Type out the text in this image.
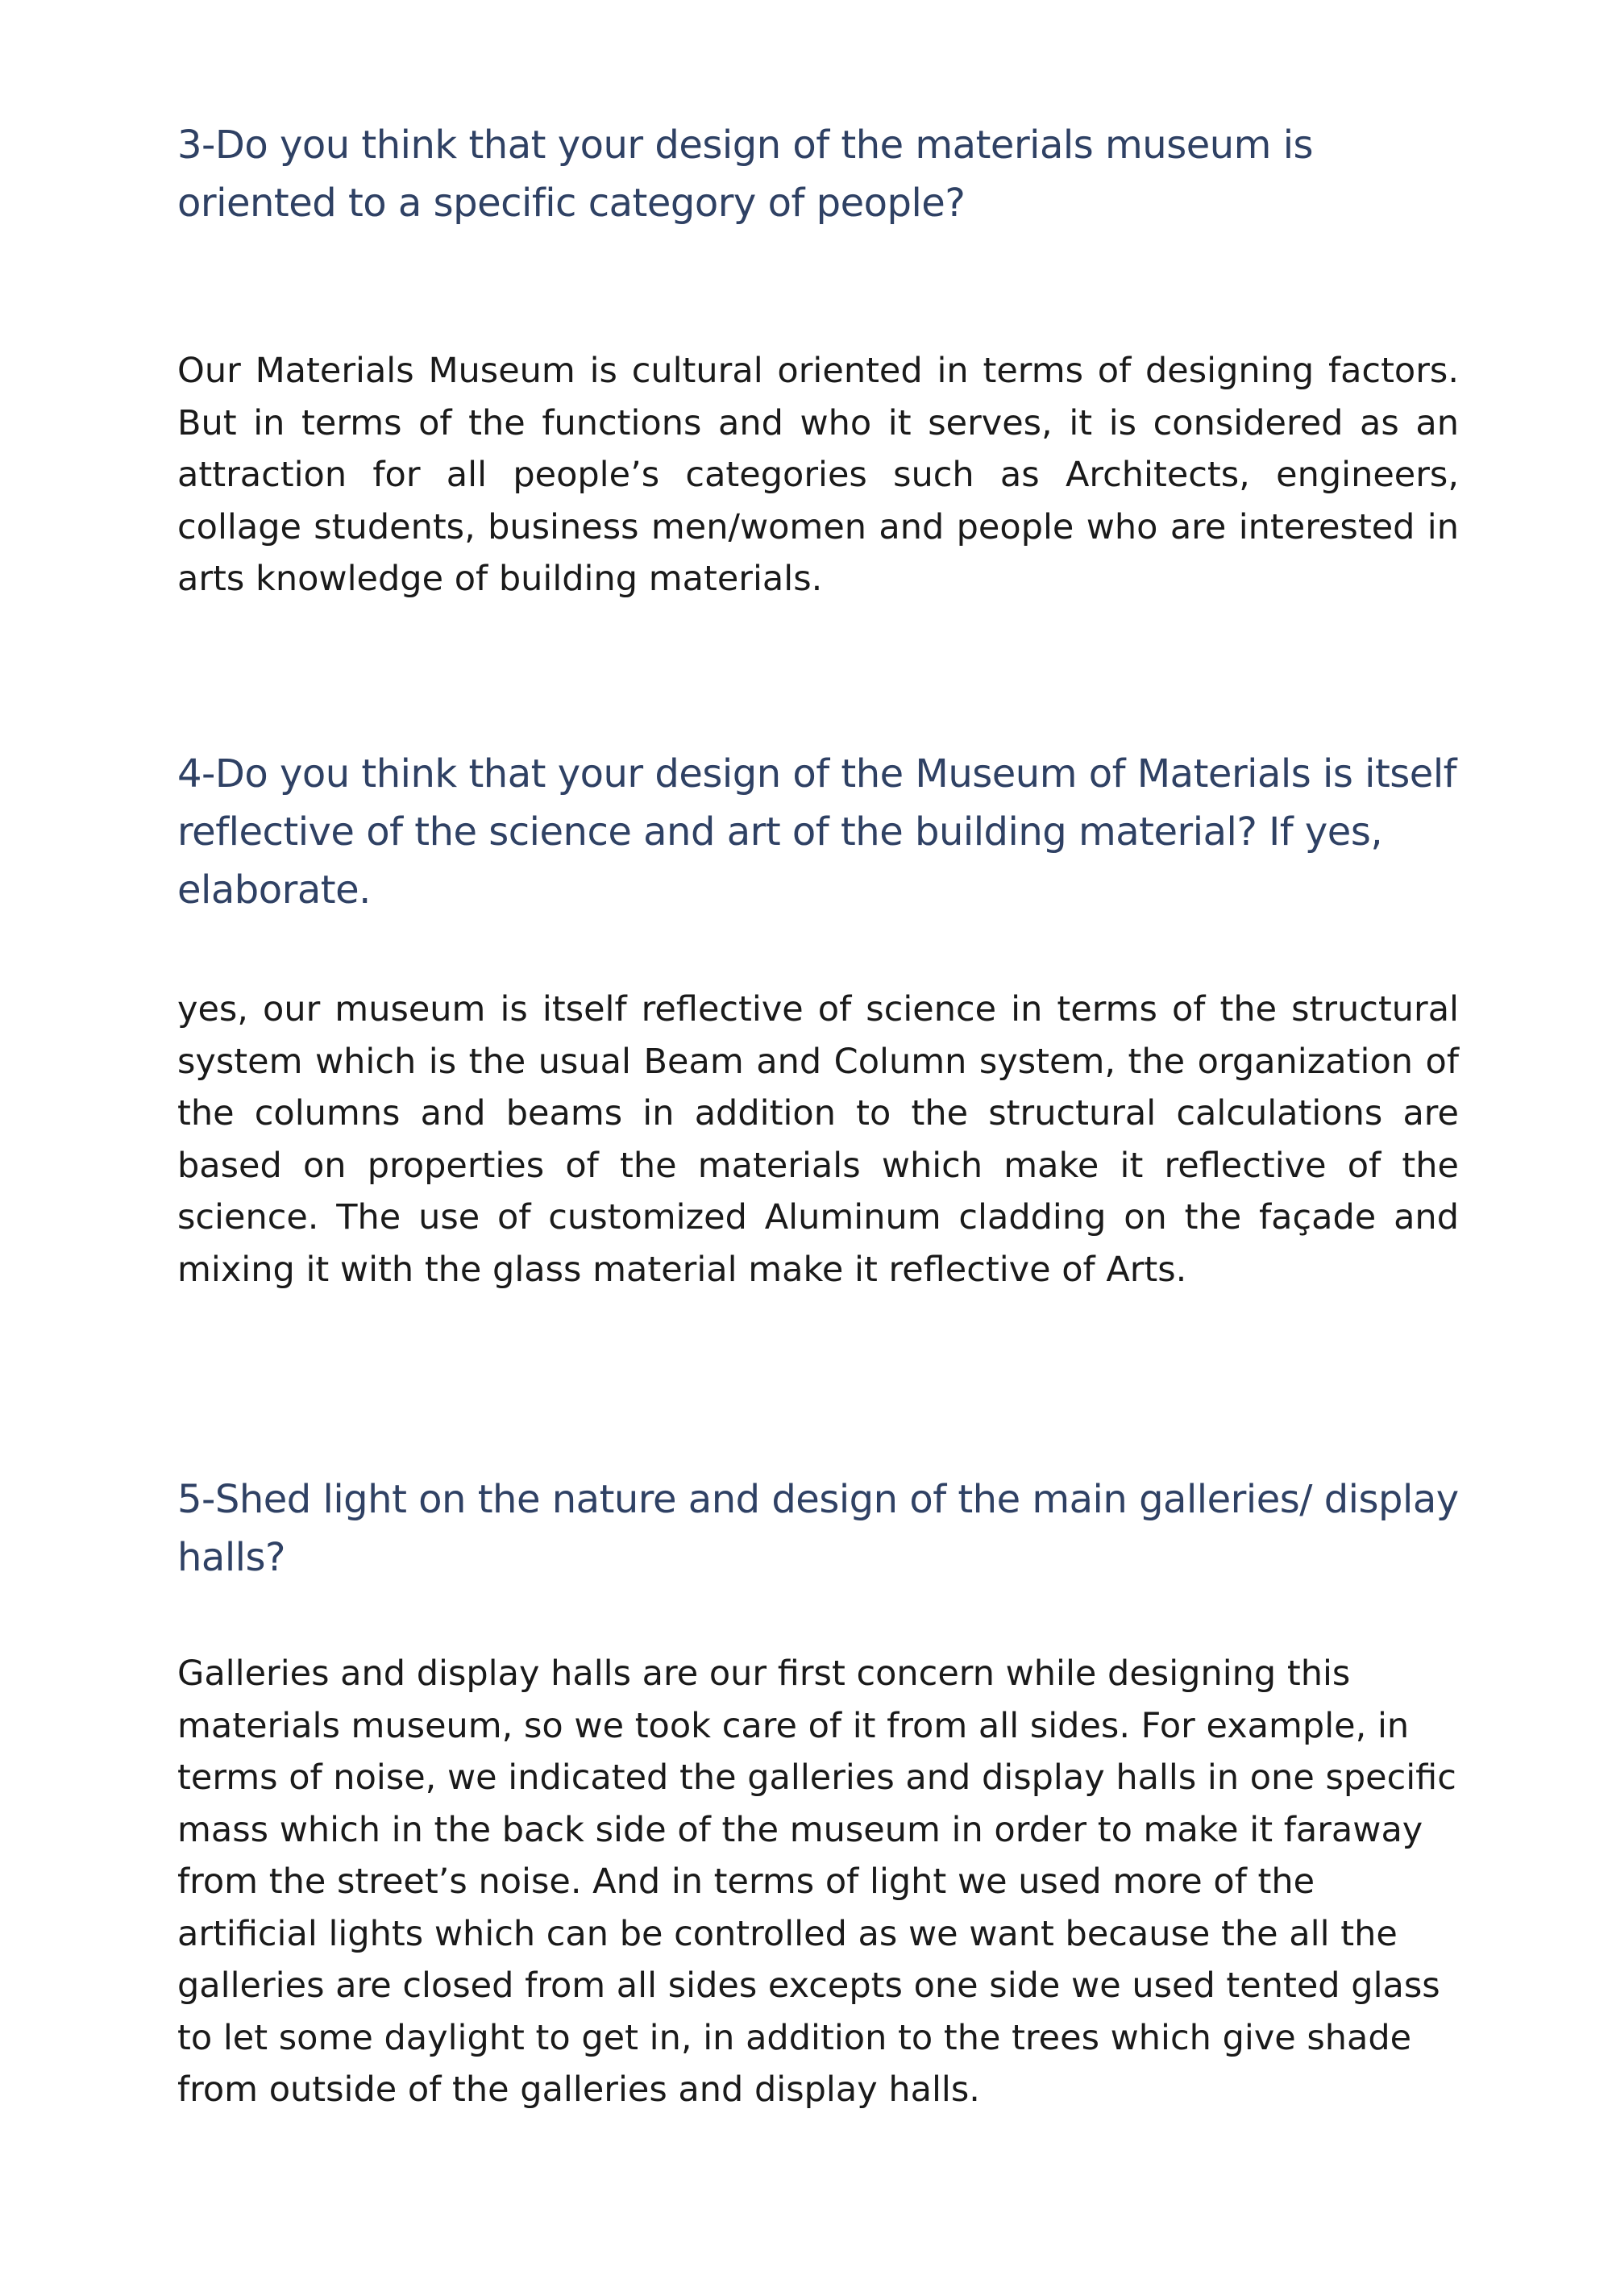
3-Do you think that your design of the materials museum is oriented to a specific category of people?

Our Materials Museum is cultural oriented in terms of designing factors. But in terms of the functions and who it serves, it is considered as an attraction for all people’s categories such as Architects, engineers, collage students, business men/women and people who are interested in arts knowledge of building materials.

4-Do you think that your design of the Museum of Materials is itself reflective of the science and art of the building material? If yes, elaborate.

yes, our museum is itself reflective of science in terms of the structural system which is the usual Beam and Column system, the organization of the columns and beams in addition to the structural calculations are based on properties of the materials which make it reflective of the science. The use of customized Aluminum cladding on the façade and mixing it with the glass material make it reflective of Arts.

5-Shed light on the nature and design of the main galleries/ display halls?

Galleries and display halls are our first concern while designing this materials museum, so we took care of it from all sides. For example, in terms of noise, we indicated the galleries and display halls in one specific mass which in the back side of the museum in order to make it faraway from the street’s noise. And in terms of light we used more of the artificial lights which can be controlled as we want because the all the galleries are closed from all sides excepts one side we used tented glass to let some daylight to get in, in addition to the trees which give shade from outside of the galleries and display halls.
